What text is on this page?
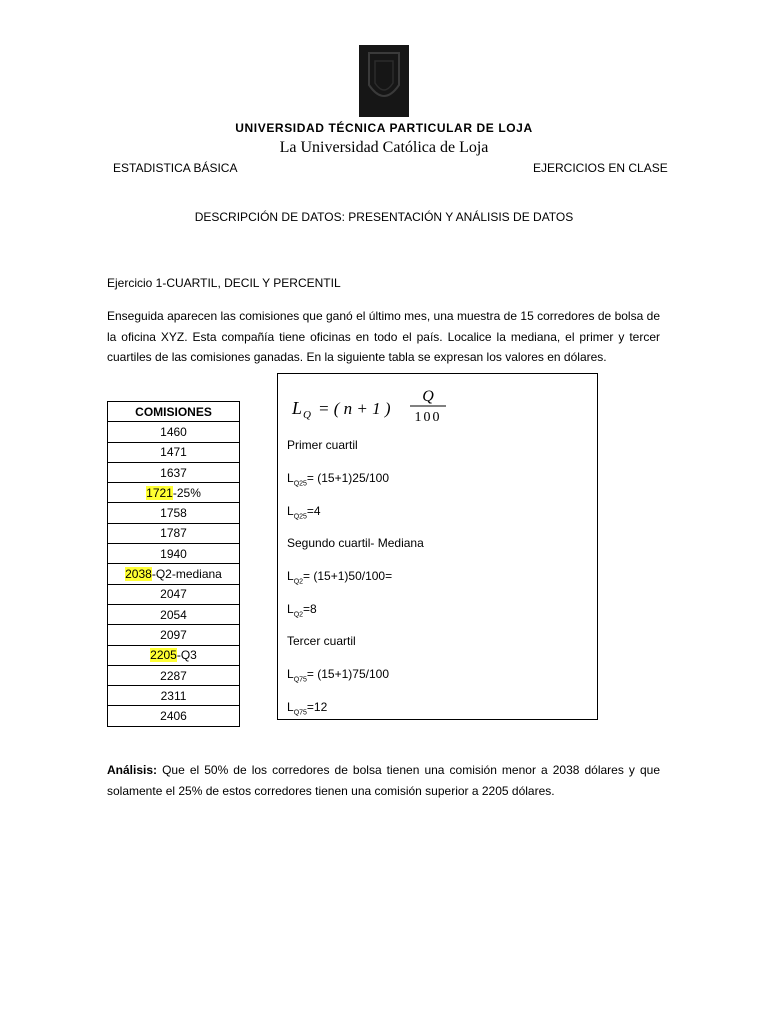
UNIVERSIDAD TÉCNICA PARTICULAR DE LOJA
La Universidad Católica de Loja
ESTADISTICA BÁSICA	EJERCICIOS EN CLASE
DESCRIPCIÓN DE DATOS: PRESENTACIÓN Y ANÁLISIS DE DATOS
Ejercicio 1-CUARTIL, DECIL Y PERCENTIL
Enseguida aparecen las comisiones que ganó el último mes, una muestra de 15 corredores de bolsa de la oficina XYZ. Esta compañía tiene oficinas en todo el país. Localice la mediana, el primer y tercer cuartiles de las comisiones ganadas. En la siguiente tabla se expresan los valores en dólares.
COMISIONES
1460
1471
1637
1721-25%
1758
1787
1940
2038-Q2-mediana
2047
2054
2097
2205-Q3
2287
2311
2406
L Q = ( n + 1 )
Q
100
Primer cuartil
$L_{Q25}= (15+1)25/100$
$L_{Q25}=4$
Segundo cuartil- Mediana
$L_{Q2}= (15+1)50/100=$
$L_{Q2}=8$
Tercer cuartil
$L_{Q75}= (15+1)75/100$
$L_{Q75}=12$
Análisis: Que el 50% de los corredores de bolsa tienen una comisión menor a 2038 dólares y que solamente el 25% de estos corredores tienen una comisión superior a 2205 dólares.
